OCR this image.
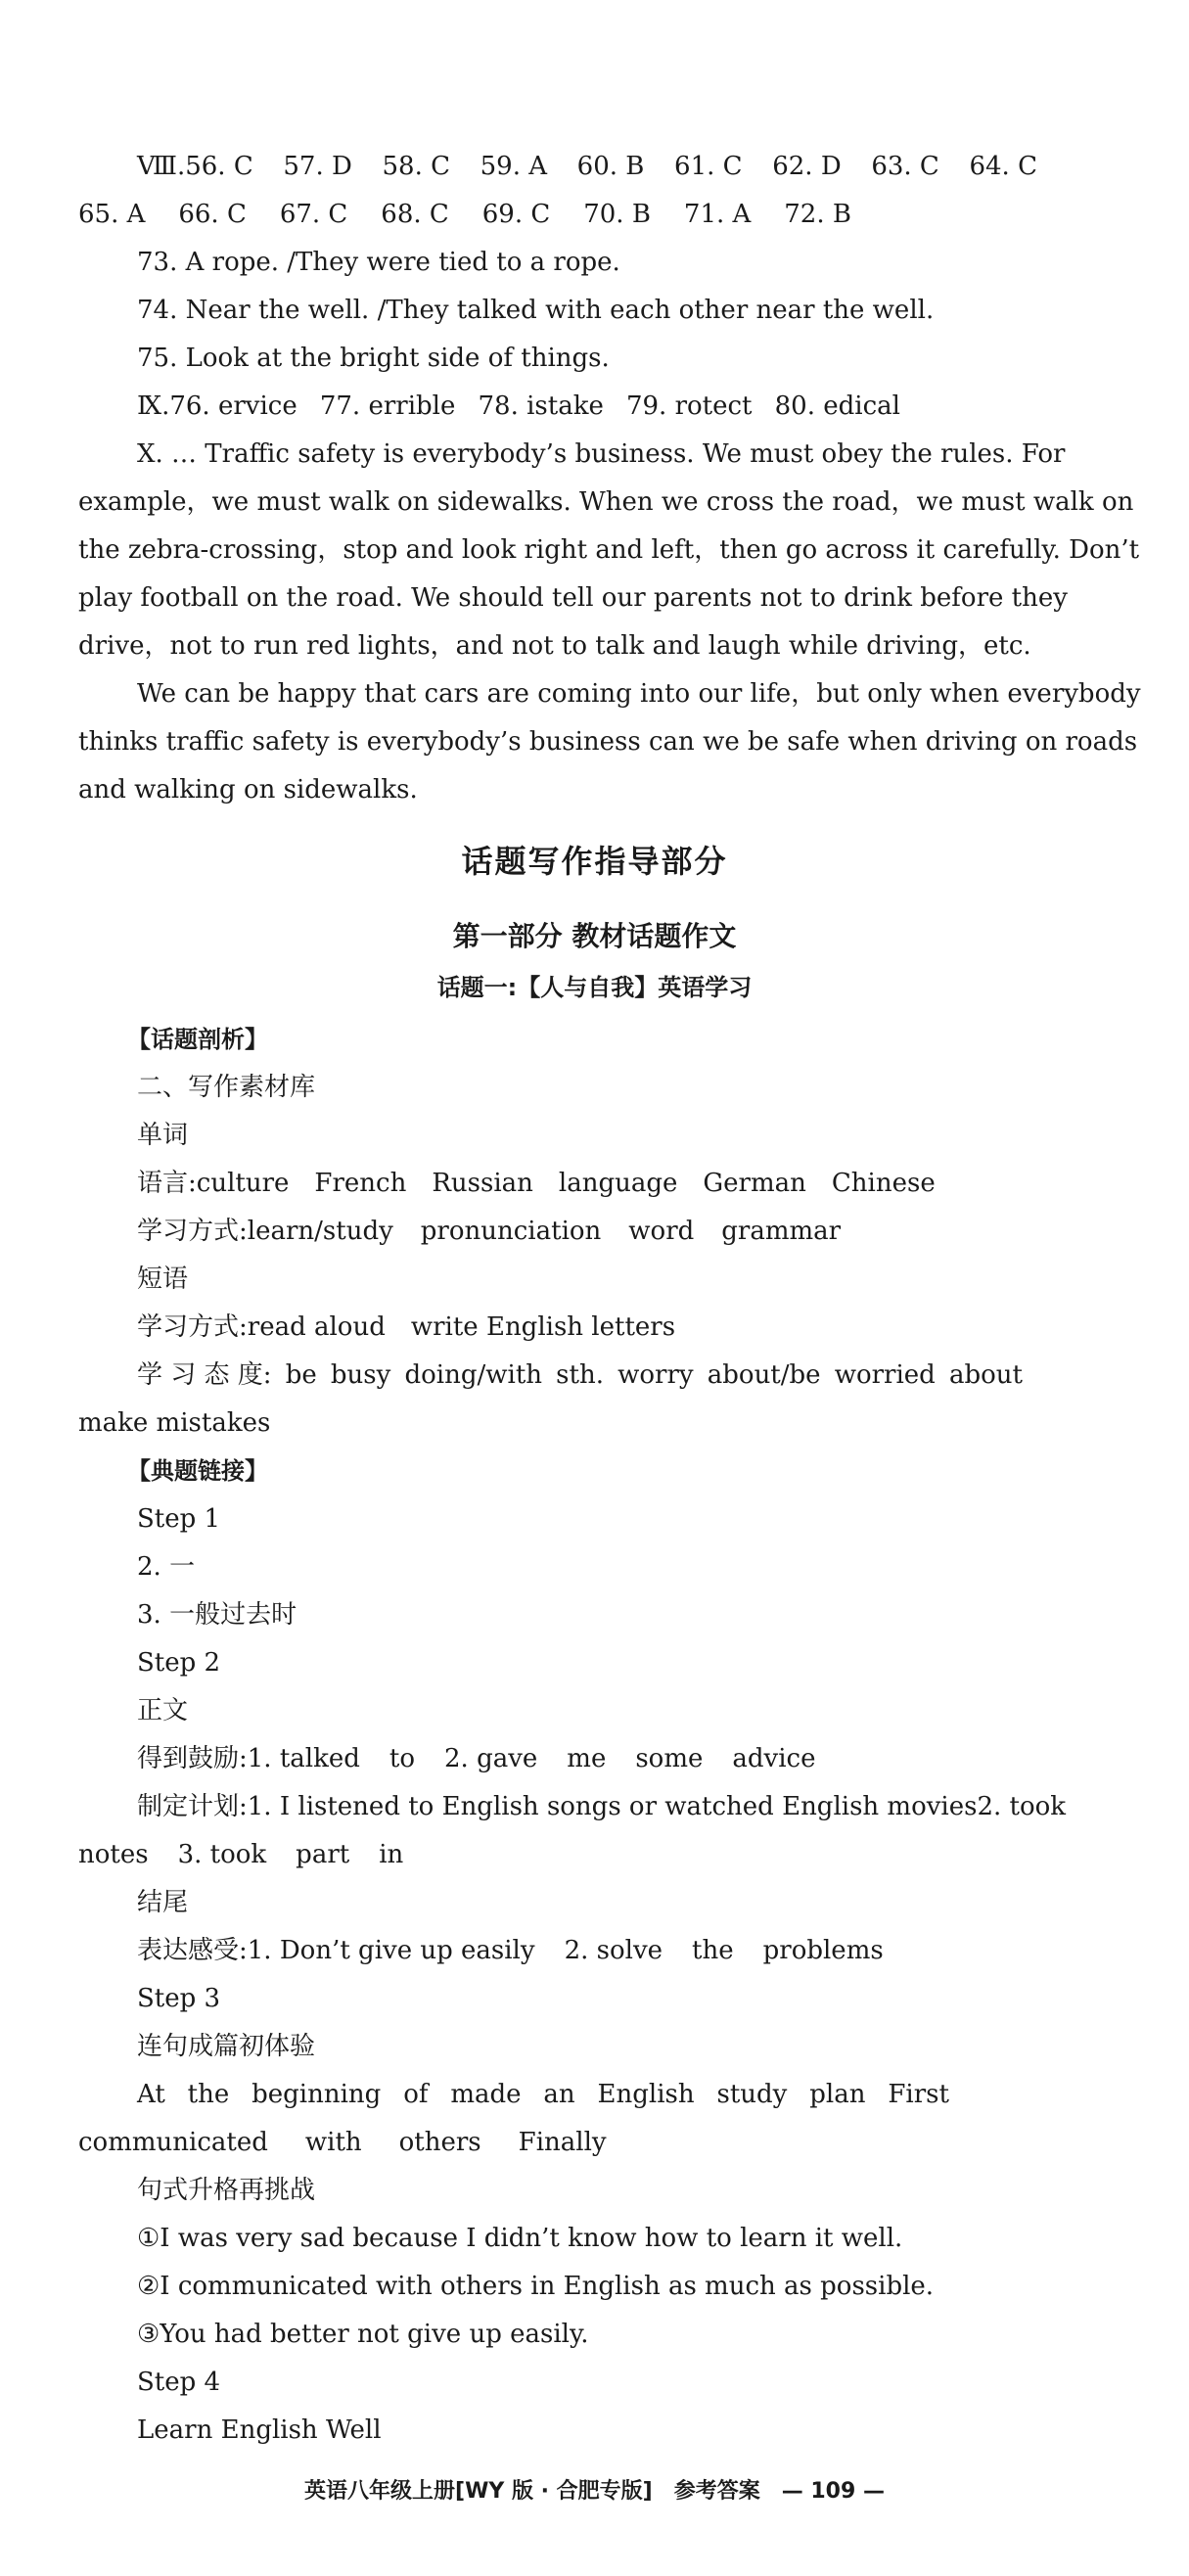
Ⅷ.56. C 57. D 58. C 59. A 60. B 61. C 62. D 63. C 64. C
65. A 66. C 67. C 68. C 69. C 70. B 71. A 72. B

73. A rope. /They were tied to a rope.

74. Near the well. /They talked with each other near the well.

75. Look at the bright side of things.

Ⅸ.76. ervice 77. errible 78. istake 79. rotect 80. edical

Ⅹ. … Traffic safety is everybody’s business. We must obey the rules. For

example，we must walk on sidewalks. When we cross the road，we must walk on

the zebra-crossing，stop and look right and left，then go across it carefully. Don’t

play football on the road. We should tell our parents not to drink before they

drive，not to run red lights，and not to talk and laugh while driving，etc.

We can be happy that cars are coming into our life，but only when everybody

thinks traffic safety is everybody’s business can we be safe when driving on roads

and walking on sidewalks.

话题写作指导部分

第一部分 教材话题作文

话题一:【人与自我】英语学习

【话题剖析】

二、写作素材库

单词

语言: culture French Russian language German Chinese
学习方式: learn/study pronunciation word grammar

短语

学习方式: read aloud write English letters
学 习 态 度: be busy doing/with sth. worry about/be worried about

make mistakes

【典题链接】

Step 1

2. 一

3. 一般过去时

Step 2

正文

得到鼓励: 1. talked to 2. gave me some advice
制定计划:1. I listened to English songs or watched English movies 2. took
notes 3. took part in

结尾

表达感受: 1. Don’t give up easily 2. solve the problems

Step 3

连句成篇初体验

At the beginning of made an English study plan First
communicated with others Finally

句式升格再挑战

①I was very sad because I didn’t know how to learn it well.

②I communicated with others in English as much as possible.

③You had better not give up easily.

Step 4

Learn English Well

英语八年级上册[WY 版 · 合肥专版] 参考答案 — 109 —
